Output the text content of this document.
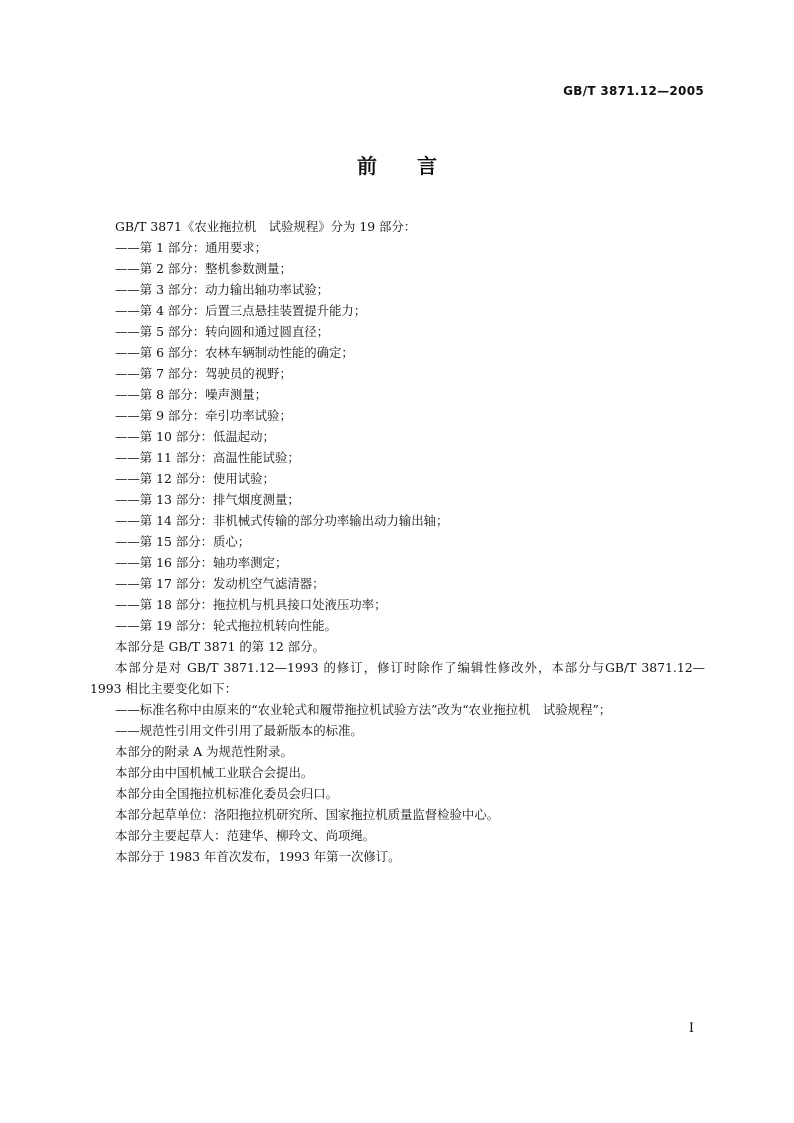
GB/T 3871.12—2005
前 言

GB/T 3871《农业拖拉机　试验规程》分为 19 部分：

——第 1 部分：通用要求；

——第 2 部分：整机参数测量；

——第 3 部分：动力输出轴功率试验；

——第 4 部分：后置三点悬挂装置提升能力；

——第 5 部分：转向圆和通过圆直径；

——第 6 部分：农林车辆制动性能的确定；

——第 7 部分：驾驶员的视野；

——第 8 部分：噪声测量；

——第 9 部分：牵引功率试验；

——第 10 部分：低温起动；

——第 11 部分：高温性能试验；

——第 12 部分：使用试验；

——第 13 部分：排气烟度测量；

——第 14 部分：非机械式传输的部分功率输出动力输出轴；

——第 15 部分：质心；

——第 16 部分：轴功率测定；

——第 17 部分：发动机空气滤清器；

——第 18 部分：拖拉机与机具接口处液压功率；

——第 19 部分：轮式拖拉机转向性能。

本部分是 GB/T 3871 的第 12 部分。

本部分是对 GB/T 3871.12—1993 的修订，修订时除作了编辑性修改外，本部分与GB/T 3871.12—1993 相比主要变化如下：

——标准名称中由原来的“农业轮式和履带拖拉机试验方法”改为“农业拖拉机　试验规程”；

——规范性引用文件引用了最新版本的标准。

本部分的附录 A 为规范性附录。

本部分由中国机械工业联合会提出。

本部分由全国拖拉机标准化委员会归口。

本部分起草单位：洛阳拖拉机研究所、国家拖拉机质量监督检验中心。

本部分主要起草人：范建华、柳玲文、尚项绳。

本部分于 1983 年首次发布，1993 年第一次修订。

I
